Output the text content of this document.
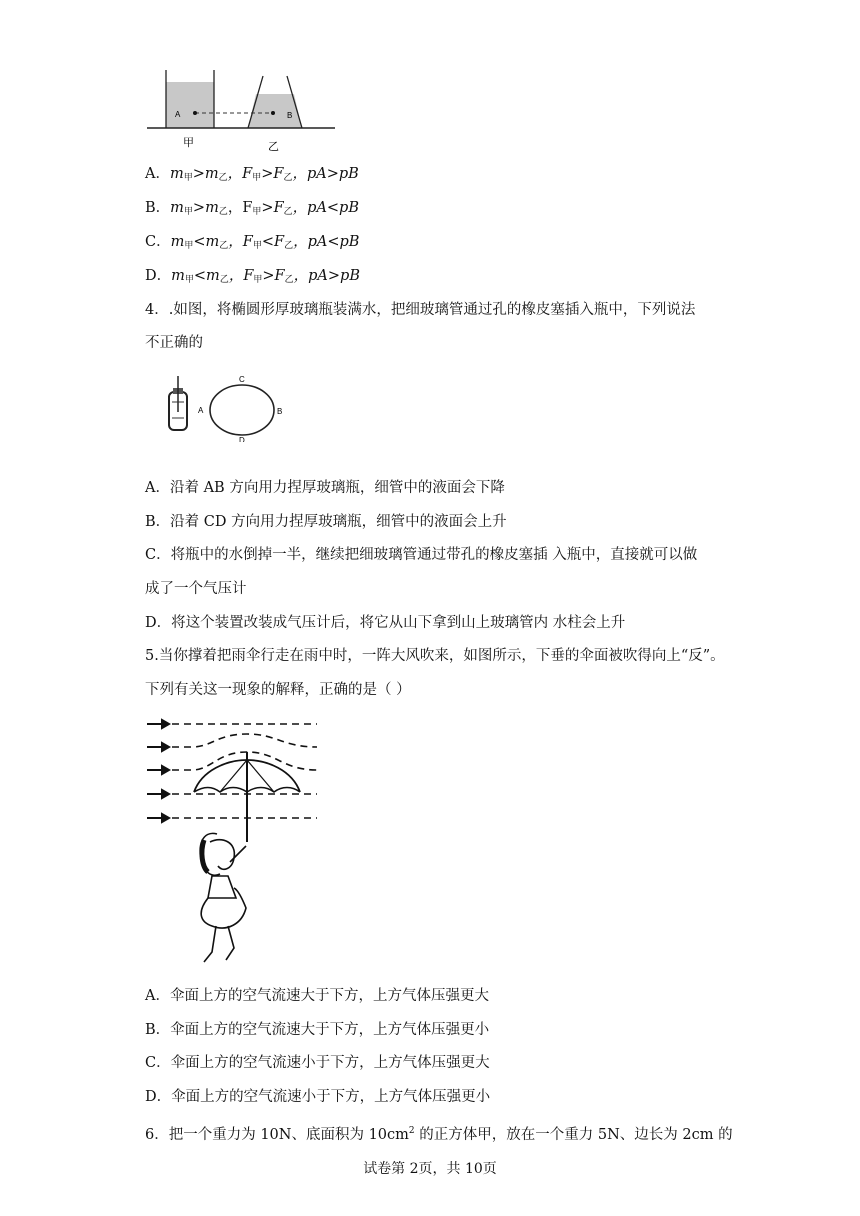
A	B
甲	乙
A．$m_甲>m_乙$，$F_甲>F_乙$，pA>pB
B．$m_甲>m_乙$，$F_甲>F_乙$，pA<pB
C．$m_甲<m_乙$，$F_甲<F_乙$，pA<pB
D．$m_甲<m_乙$，$F_甲>F_乙$，pA>pB
4．.如图，将椭圆形厚玻璃瓶装满水，把细玻璃管通过孔的橡皮塞插入瓶中，下列说法
不正确的
A	B
C
D
A．沿着 AB 方向用力捏厚玻璃瓶，细管中的液面会下降
B．沿着 CD 方向用力捏厚玻璃瓶，细管中的液面会上升
C．将瓶中的水倒掉一半，继续把细玻璃管通过带孔的橡皮塞插 入瓶中，直接就可以做
成了一个气压计
D．将这个装置改装成气压计后，将它从山下拿到山上玻璃管内 水柱会上升
5.当你撑着把雨伞行走在雨中时，一阵大风吹来，如图所示，下垂的伞面被吹得向上“反”。
下列有关这一现象的解释，正确的是（ ）
A．伞面上方的空气流速大于下方，上方气体压强更大
B．伞面上方的空气流速大于下方，上方气体压强更小
C．伞面上方的空气流速小于下方，上方气体压强更大
D．伞面上方的空气流速小于下方，上方气体压强更小
6．把一个重力为 10N、底面积为 $10cm^2$ 的正方体甲，放在一个重力 5N、边长为 2cm 的
试卷第 2页，共 10页
